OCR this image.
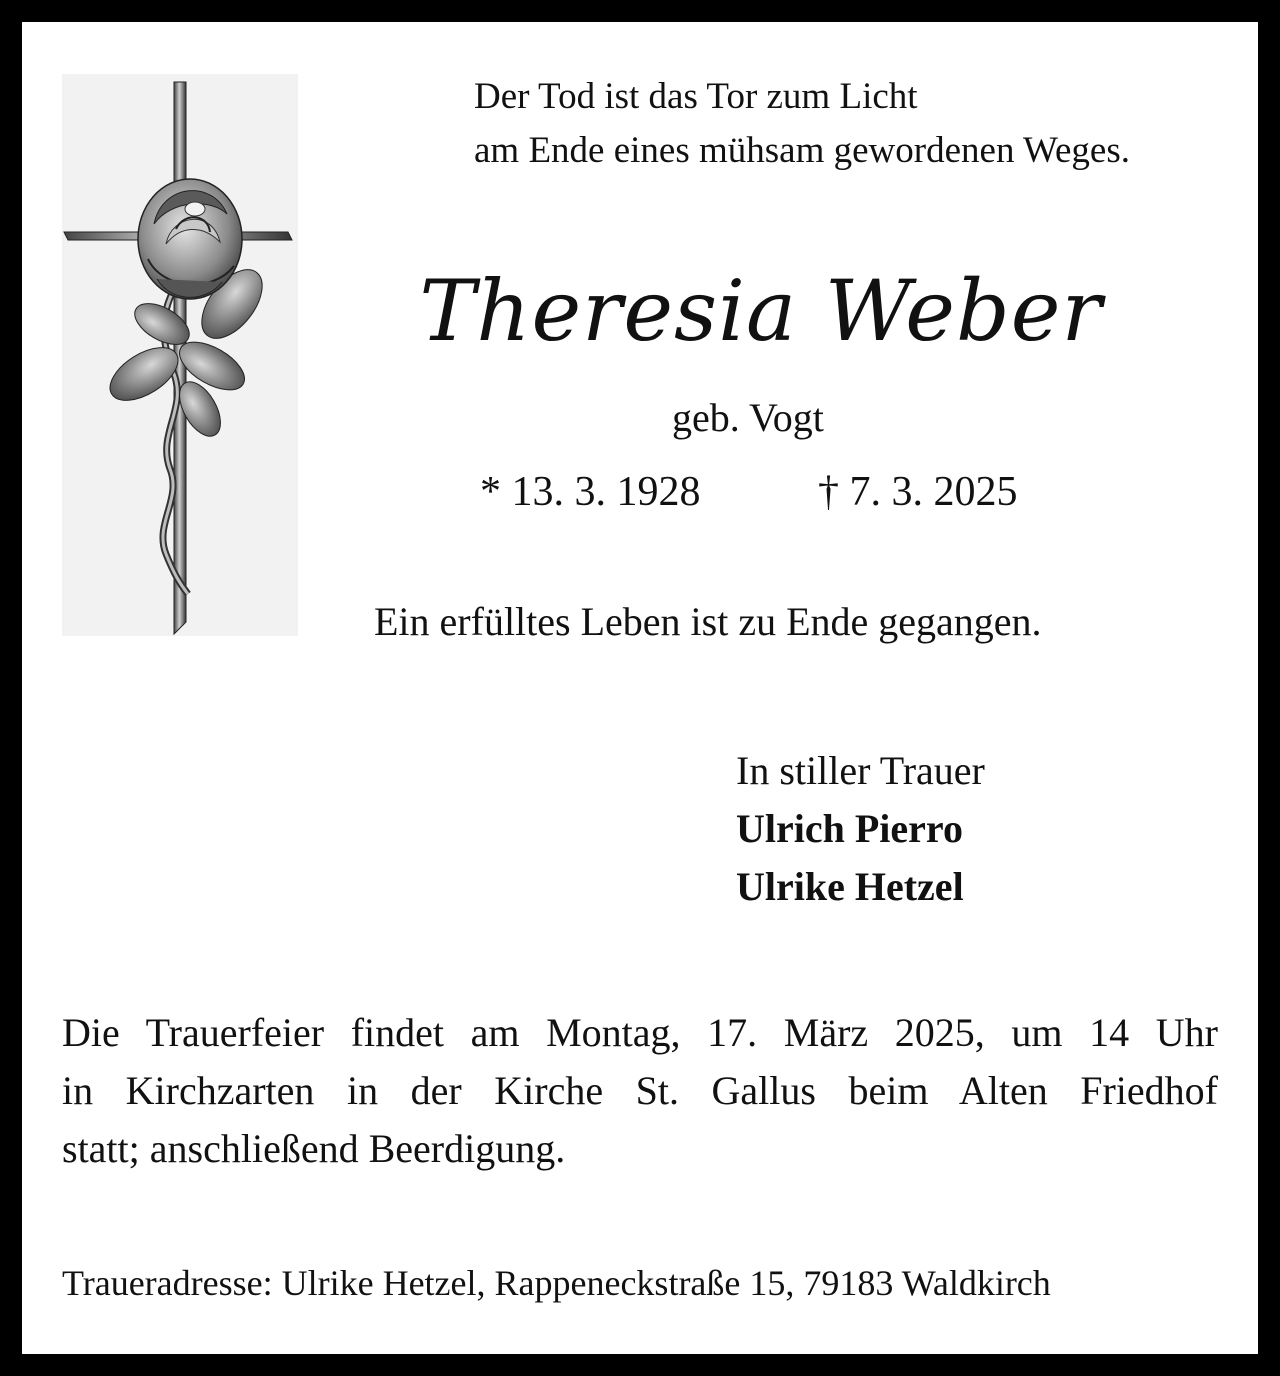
Der Tod ist das Tor zum Licht
am Ende eines mühsam gewordenen Weges.
Theresia Weber
geb. Vogt
* 13. 3. 1928	† 7. 3. 2025
Ein erfülltes Leben ist zu Ende gegangen.
In stiller Trauer
Ulrich Pierro
Ulrike Hetzel
Die Trauerfeier findet am Montag, 17. März 2025, um 14 Uhr
in Kirchzarten in der Kirche St. Gallus beim Alten Friedhof
statt; anschließend Beerdigung.
Traueradresse: Ulrike Hetzel, Rappeneckstraße 15, 79183 Waldkirch
